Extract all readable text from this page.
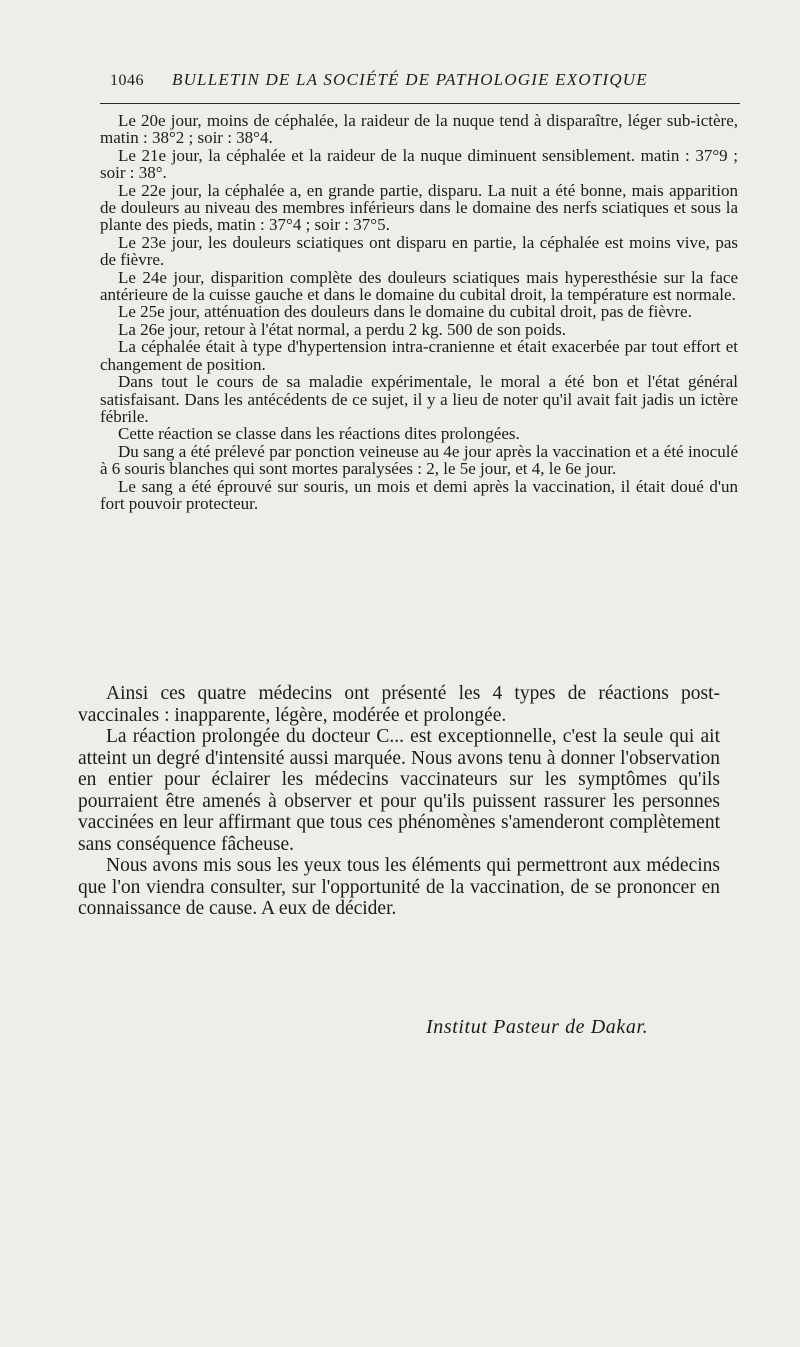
1046 BULLETIN DE LA SOCIÉTÉ DE PATHOLOGIE EXOTIQUE

Le 20e jour, moins de céphalée, la raideur de la nuque tend à disparaître, léger sub-ictère, matin : 38°2 ; soir : 38°4.

Le 21e jour, la céphalée et la raideur de la nuque diminuent sensiblement. matin : 37°9 ; soir : 38°.

Le 22e jour, la céphalée a, en grande partie, disparu. La nuit a été bonne, mais apparition de douleurs au niveau des membres inférieurs dans le domaine des nerfs sciatiques et sous la plante des pieds, matin : 37°4 ; soir : 37°5.

Le 23e jour, les douleurs sciatiques ont disparu en partie, la céphalée est moins vive, pas de fièvre.

Le 24e jour, disparition complète des douleurs sciatiques mais hyperesthésie sur la face antérieure de la cuisse gauche et dans le domaine du cubital droit, la température est normale.

Le 25e jour, atténuation des douleurs dans le domaine du cubital droit, pas de fièvre.

La 26e jour, retour à l'état normal, a perdu 2 kg. 500 de son poids.

La céphalée était à type d'hypertension intra-cranienne et était exacerbée par tout effort et changement de position.

Dans tout le cours de sa maladie expérimentale, le moral a été bon et l'état général satisfaisant. Dans les antécédents de ce sujet, il y a lieu de noter qu'il avait fait jadis un ictère fébrile.

Cette réaction se classe dans les réactions dites prolongées.

Du sang a été prélevé par ponction veineuse au 4e jour après la vaccination et a été inoculé à 6 souris blanches qui sont mortes paralysées : 2, le 5e jour, et 4, le 6e jour.

Le sang a été éprouvé sur souris, un mois et demi après la vaccination, il était doué d'un fort pouvoir protecteur.

Ainsi ces quatre médecins ont présenté les 4 types de réactions post-vaccinales : inapparente, légère, modérée et prolongée.

La réaction prolongée du docteur C... est exceptionnelle, c'est la seule qui ait atteint un degré d'intensité aussi marquée. Nous avons tenu à donner l'observation en entier pour éclairer les médecins vaccinateurs sur les symptômes qu'ils pourraient être amenés à observer et pour qu'ils puissent rassurer les personnes vaccinées en leur affirmant que tous ces phénomènes s'amenderont complètement sans conséquence fâcheuse.

Nous avons mis sous les yeux tous les éléments qui permettront aux médecins que l'on viendra consulter, sur l'opportunité de la vaccination, de se prononcer en connaissance de cause. A eux de décider.

Institut Pasteur de Dakar.
